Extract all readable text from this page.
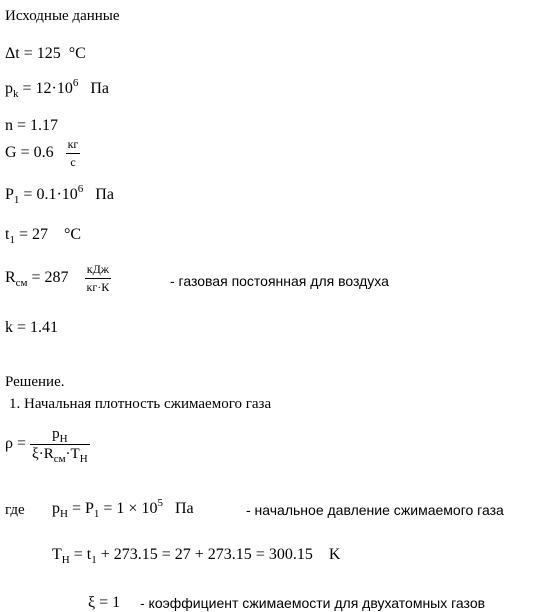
Исходные данные
Δt = 125 °C
$p_k = 12\cdot 10^6$ Па
n = 1.17
$G = 0.6 \frac{кг}{с}$
$P_1 = 0.1\cdot 10^6$ Па
$t_1 = 27$ °C
$R_{см} = 287 \frac{\text{кДж}}{кг\cdot К}$	- газовая постоянная для воздуха
k = 1.41
Решение.
1. Начальная плотность сжимаемого газа
$\rho = \frac{p_Н}{\xi\cdot R_{см}\cdot T_Н}$
где $p_Н = P_1 = 1 \times 10^5$ Па	- начальное давление сжимаемого газа
$T_Н = t_1 + 273.15 = 27 + 273.15 = 300.15$ K
ξ = 1 - коэффициент сжимаемости для двухатомных газов
